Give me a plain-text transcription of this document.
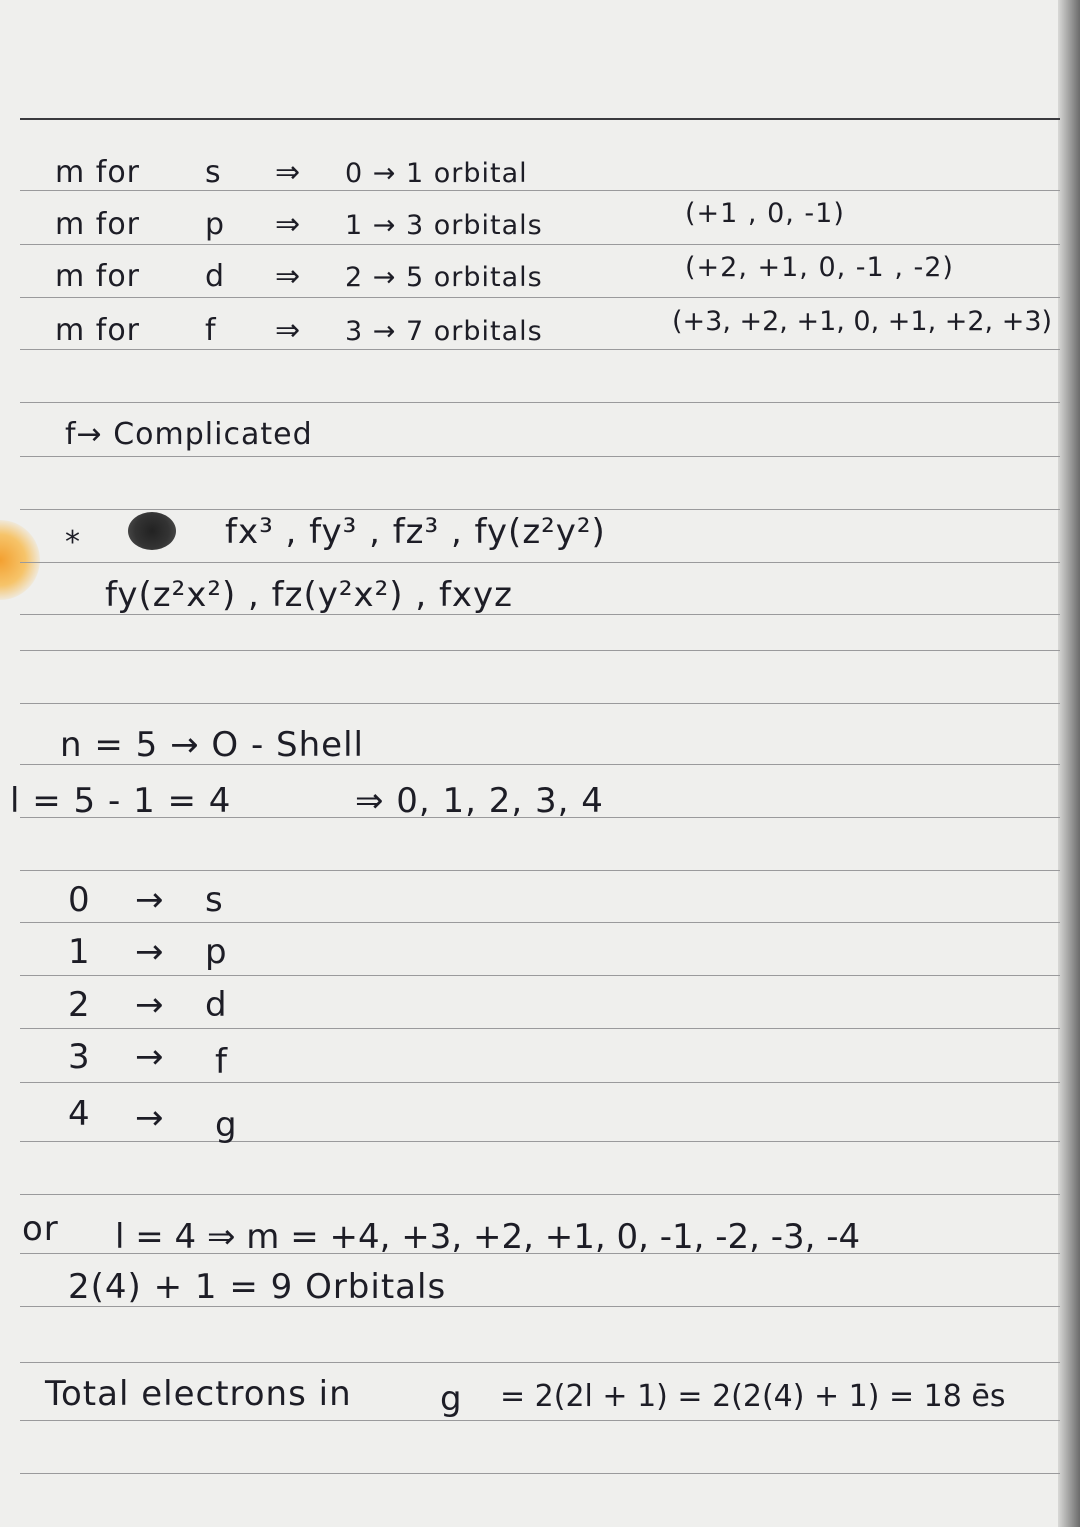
m for s ⇒ 0 → 1 orbital
m for p ⇒ 1 → 3 orbitals	(+1 , 0, -1)
m for d ⇒ 2 → 5 orbitals	(+2, +1, 0, -1 , -2)
m for f ⇒ 3 → 7 orbitals	(+3, +2, +1, 0, +1, +2, +3)
f→ Complicated
*	fx³ , fy³ , fz³ , fy(z²y²)
fy(z²x²) , fz(y²x²) , fxyz
n = 5 → O - Shell
l = 5 - 1 = 4	⇒ 0, 1, 2, 3, 4
0 → s
1 → p
2 → d
3 → f
4 → g
or l = 4 ⇒ m = +4, +3, +2, +1, 0, -1, -2, -3, -4
2(4) + 1 = 9 Orbitals
Total electrons in	g = 2(2l + 1) = 2(2(4) + 1) = 18 ēs
